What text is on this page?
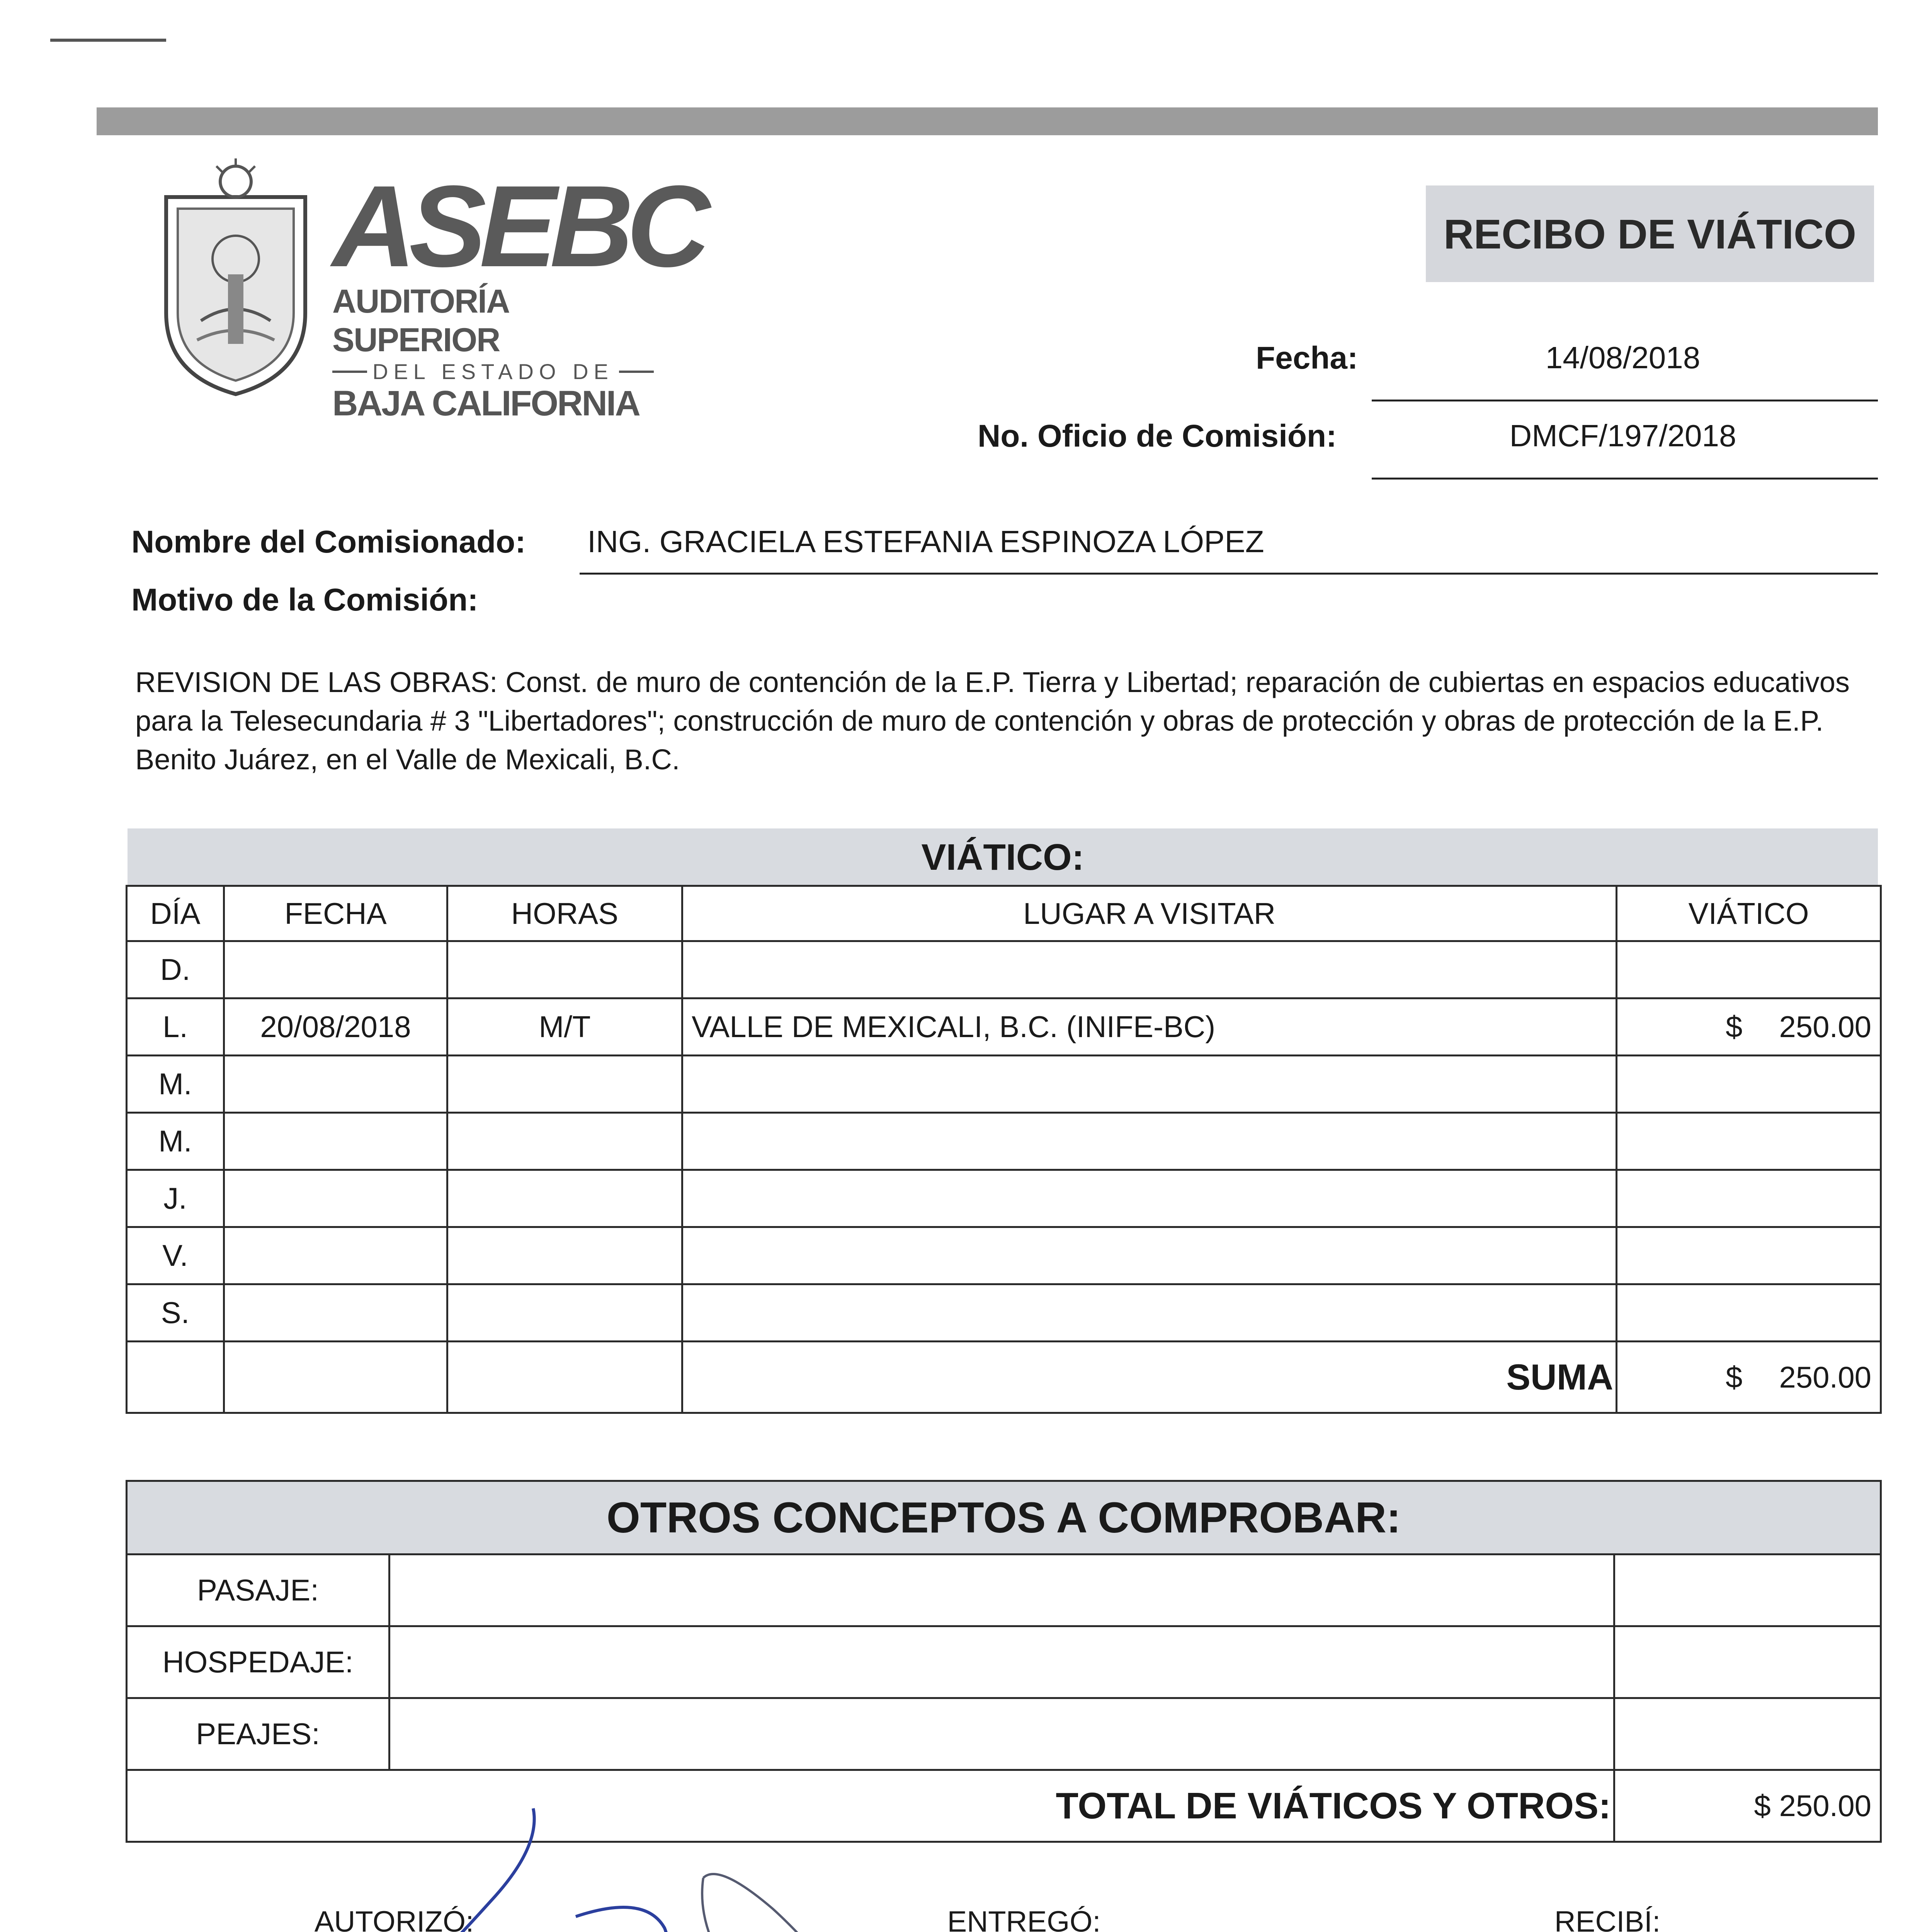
ASEBC
AUDITORÍA SUPERIOR
DEL ESTADO DE
BAJA CALIFORNIA
RECIBO DE VIÁTICO
Fecha:	14/08/2018
No. Oficio de Comisión:	DMCF/197/2018
Nombre del Comisionado: ING. GRACIELA ESTEFANIA ESPINOZA LÓPEZ
Motivo de la Comisión:
REVISION DE LAS OBRAS: Const. de muro de contención de la E.P. Tierra y Libertad; reparación de cubiertas en espacios educativos para la Telesecundaria # 3 "Libertadores"; construcción de muro de contención y obras de protección y obras de protección de la E.P. Benito Juárez, en el Valle de Mexicali, B.C.
VIÁTICO:
DÍA	FECHA	HORAS	LUGAR A VISITAR	VIÁTICO
D.				

L.	20/08/2018	M/T	VALLE DE MEXICALI, B.C. (INIFE-BC)	$ 250.00

M.				

M.				

J.				

V.				

S.				

			SUMA	$ 250.00
OTROS CONCEPTOS A COMPROBAR:		
PASAJE:		
HOSPEDAJE:		
PEAJES:		
TOTAL DE VIÁTICOS Y OTROS:		$ 250.00
AUTORIZÓ:	ENTREGÓ:	RECIBÍ:
